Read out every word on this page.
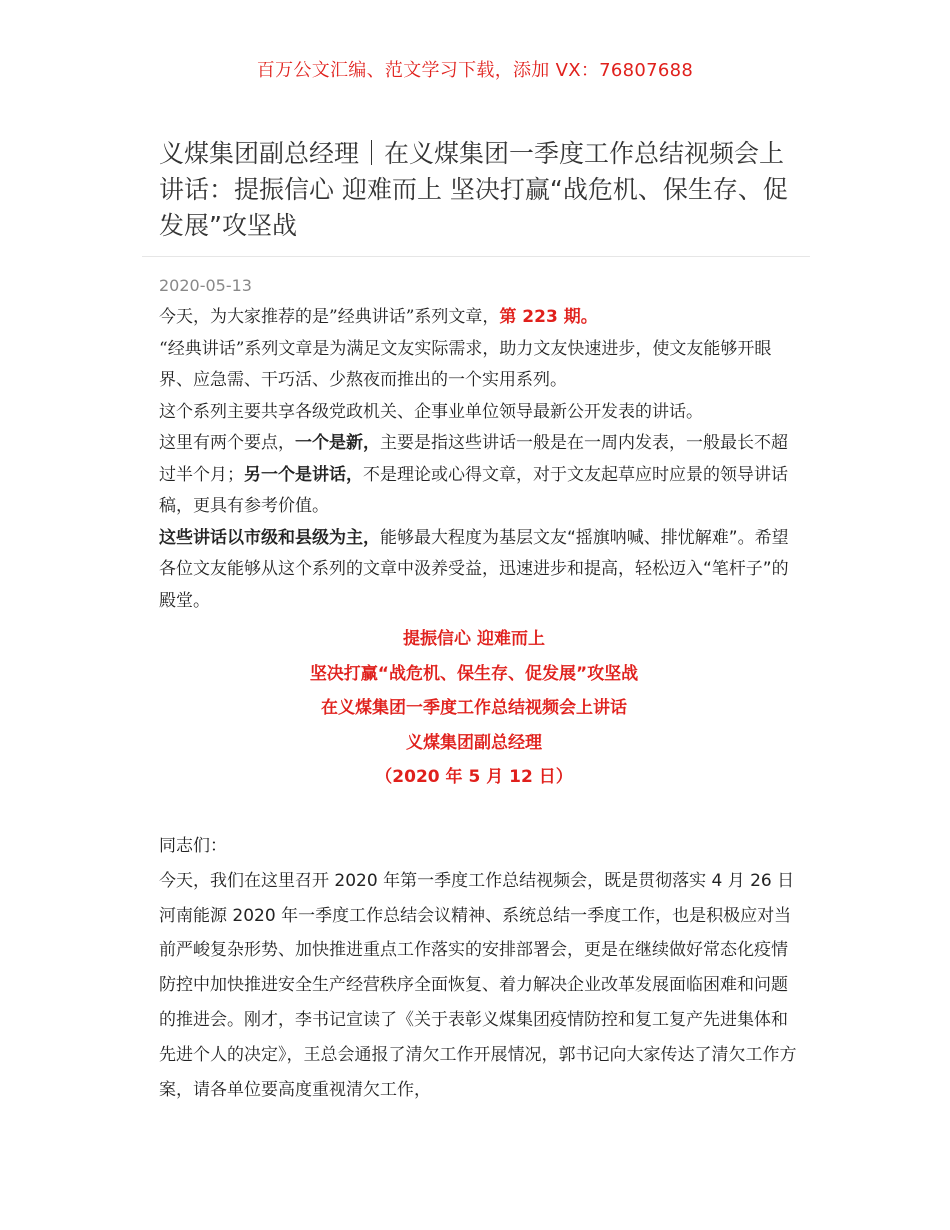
百万公文汇编、范文学习下载，添加 VX：76807688
义煤集团副总经理｜在义煤集团一季度工作总结视频会上讲话：提振信心 迎难而上 坚决打赢“战危机、保生存、促发展”攻坚战
2020-05-13

今天，为大家推荐的是”经典讲话”系列文章，第 223 期。

“经典讲话”系列文章是为满足文友实际需求，助力文友快速进步，使文友能够开眼界、应急需、干巧活、少熬夜而推出的一个实用系列。

这个系列主要共享各级党政机关、企事业单位领导最新公开发表的讲话。

这里有两个要点，一个是新，主要是指这些讲话一般是在一周内发表，一般最长不超过半个月；另一个是讲话，不是理论或心得文章，对于文友起草应时应景的领导讲话稿，更具有参考价值。

这些讲话以市级和县级为主，能够最大程度为基层文友“摇旗呐喊、排忧解难”。希望各位文友能够从这个系列的文章中汲养受益，迅速进步和提高，轻松迈入“笔杆子”的殿堂。

提振信心 迎难而上
坚决打赢“战危机、保生存、促发展”攻坚战
在义煤集团一季度工作总结视频会上讲话
义煤集团副总经理
（2020 年 5 月 12 日）

同志们：

今天，我们在这里召开 2020 年第一季度工作总结视频会，既是贯彻落实 4 月 26 日河南能源 2020 年一季度工作总结会议精神、系统总结一季度工作，也是积极应对当前严峻复杂形势、加快推进重点工作落实的安排部署会，更是在继续做好常态化疫情防控中加快推进安全生产经营秩序全面恢复、着力解决企业改革发展面临困难和问题的推进会。刚才，李书记宣读了《关于表彰义煤集团疫情防控和复工复产先进集体和先进个人的决定》，王总会通报了清欠工作开展情况，郭书记向大家传达了清欠工作方案，请各单位要高度重视清欠工作，
